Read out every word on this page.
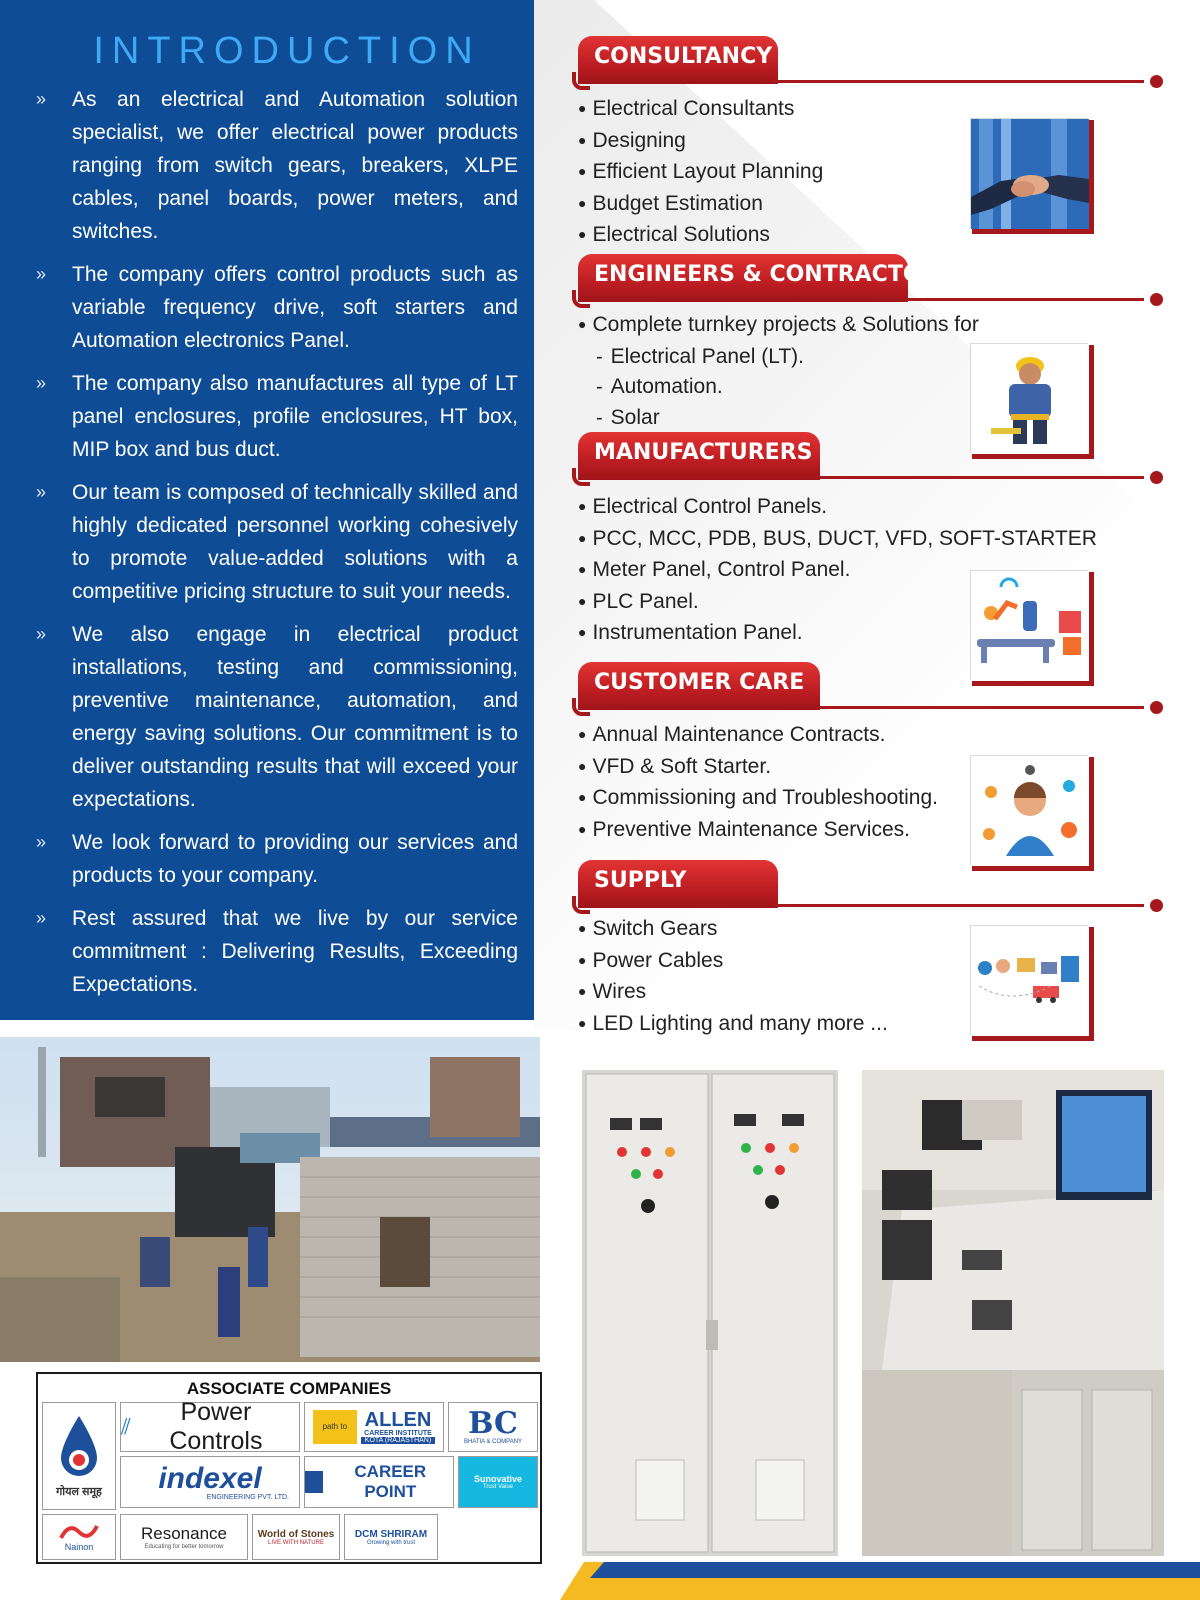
INTRODUCTION
» As an electrical and Automation solution specialist, we offer electrical power products ranging from switch gears, breakers, XLPE cables, panel boards, power meters, and switches.
» The company offers control products such as variable frequency drive, soft starters and Automation electronics Panel.
» The company also manufactures all type of LT panel enclosures, profile enclosures, HT box, MIP box and bus duct.
» Our team is composed of technically skilled and highly dedicated personnel working cohesively to promote value-added solutions with a competitive pricing structure to suit your needs.
» We also engage in electrical product installations, testing and commissioning, preventive maintenance, automation, and energy saving solutions. Our commitment is to deliver outstanding results that will exceed your expectations.
» We look forward to providing our services and products to your company.
» Rest assured that we live by our service commitment : Delivering Results, Exceeding Expectations.
CONSULTANCY
● Electrical Consultants
● Designing
● Efficient Layout Planning
● Budget Estimation
● Electrical Solutions
ENGINEERS & CONTRACTORS
● Complete turnkey projects & Solutions for
- Electrical Panel (LT).
- Automation.
- Solar
MANUFACTURERS
● Electrical Control Panels.
● PCC, MCC, PDB, BUS, DUCT, VFD, SOFT-STARTER
● Meter Panel, Control Panel.
● PLC Panel.
● Instrumentation Panel.
CUSTOMER CARE
● Annual Maintenance Contracts.
● VFD & Soft Starter.
● Commissioning and Troubleshooting.
● Preventive Maintenance Services.
SUPPLY
● Switch Gears
● Power Cables
● Wires
● LED Lighting and many more ...
ASSOCIATE COMPANIES
गोयल समूह
⫽
Power Controls
path to ALLEN
CAREER INSTITUTE
KOTA (RAJASTHAN) BC
BHATIA & COMPANY
indexel
ENGINEERING PVT. LTD.
CAREER POINT
Sunovative
Trust Value
Nainon
Resonance
Educating for better tomorrow
World of Stones
LIVE WITH NATURE
DCM SHRIRAM
Growing with trust
